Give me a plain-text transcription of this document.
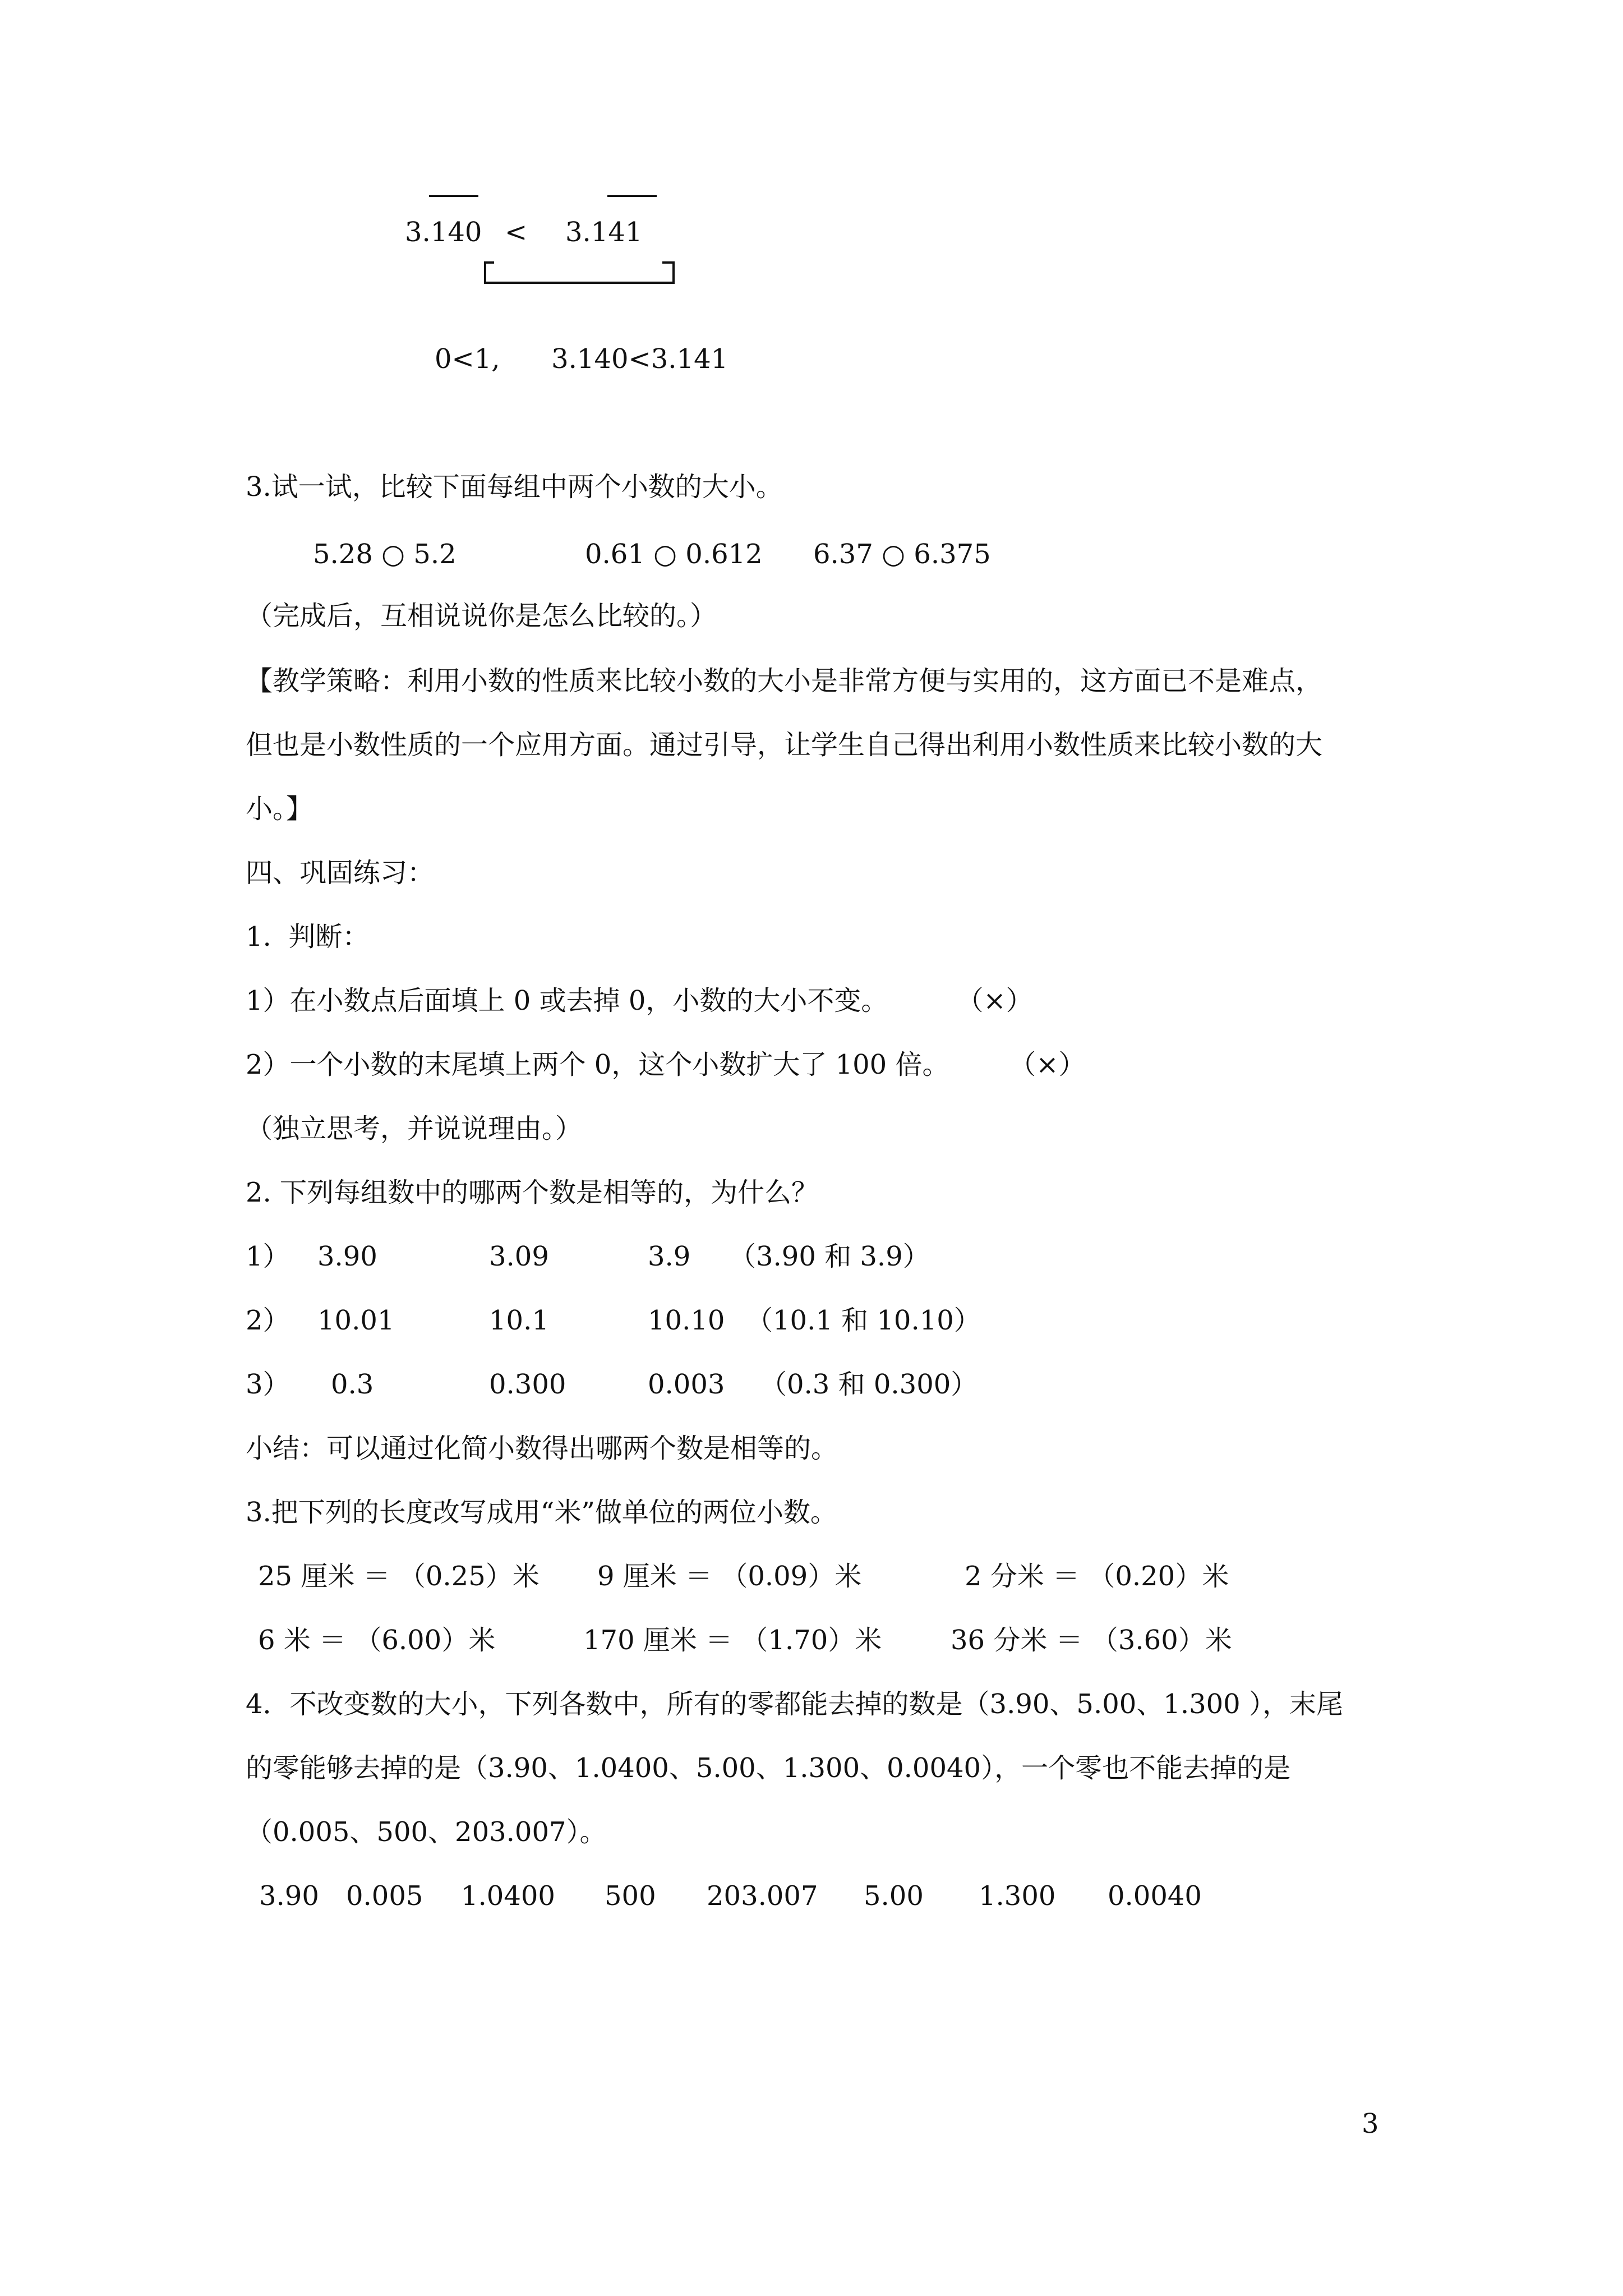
3.140 < 3.141
0<1,      3.140<3.141
3.试一试，比较下面每组中两个小数的大小。
5.28 ○ 5.2	0.61 ○ 0.612 6.37 ○ 6.375
（完成后，互相说说你是怎么比较的。）
【教学策略：利用小数的性质来比较小数的大小是非常方便与实用的，这方面已不是难点，
但也是小数性质的一个应用方面。通过引导，让学生自己得出利用小数性质来比较小数的大
小。】
四、巩固练习：
1.  判断：
1）在小数点后面填上 0 或去掉 0，小数的大小不变。        （×）
2）一个小数的末尾填上两个 0，这个小数扩大了 100 倍。       （×）
（独立思考，并说说理由。）
2. 下列每组数中的哪两个数是相等的，为什么？
1） 3.90	3.09	3.9 （3.90 和 3.9）
2） 10.01	10.1	10.10 （10.1 和 10.10）
3） 0.3	0.300	0.003 （0.3 和 0.300）
小结：可以通过化简小数得出哪两个数是相等的。
3.把下列的长度改写成用“米”做单位的两位小数。
25 厘米 ＝ （0.25）米 9 厘米 ＝ （0.09）米	2 分米 ＝ （0.20）米
6 米 ＝ （6.00）米	170 厘米 ＝ （1.70）米	36 分米 ＝ （3.60）米
4．不改变数的大小，下列各数中，所有的零都能去掉的数是（3.90、5.00、1.300 ），末尾
的零能够去掉的是（3.90、1.0400、5.00、1.300、0.0040），一个零也不能去掉的是
（0.005、500、203.007）。
3.90 0.005 1.0400 500 203.007 5.00 1.300 0.0040
3
